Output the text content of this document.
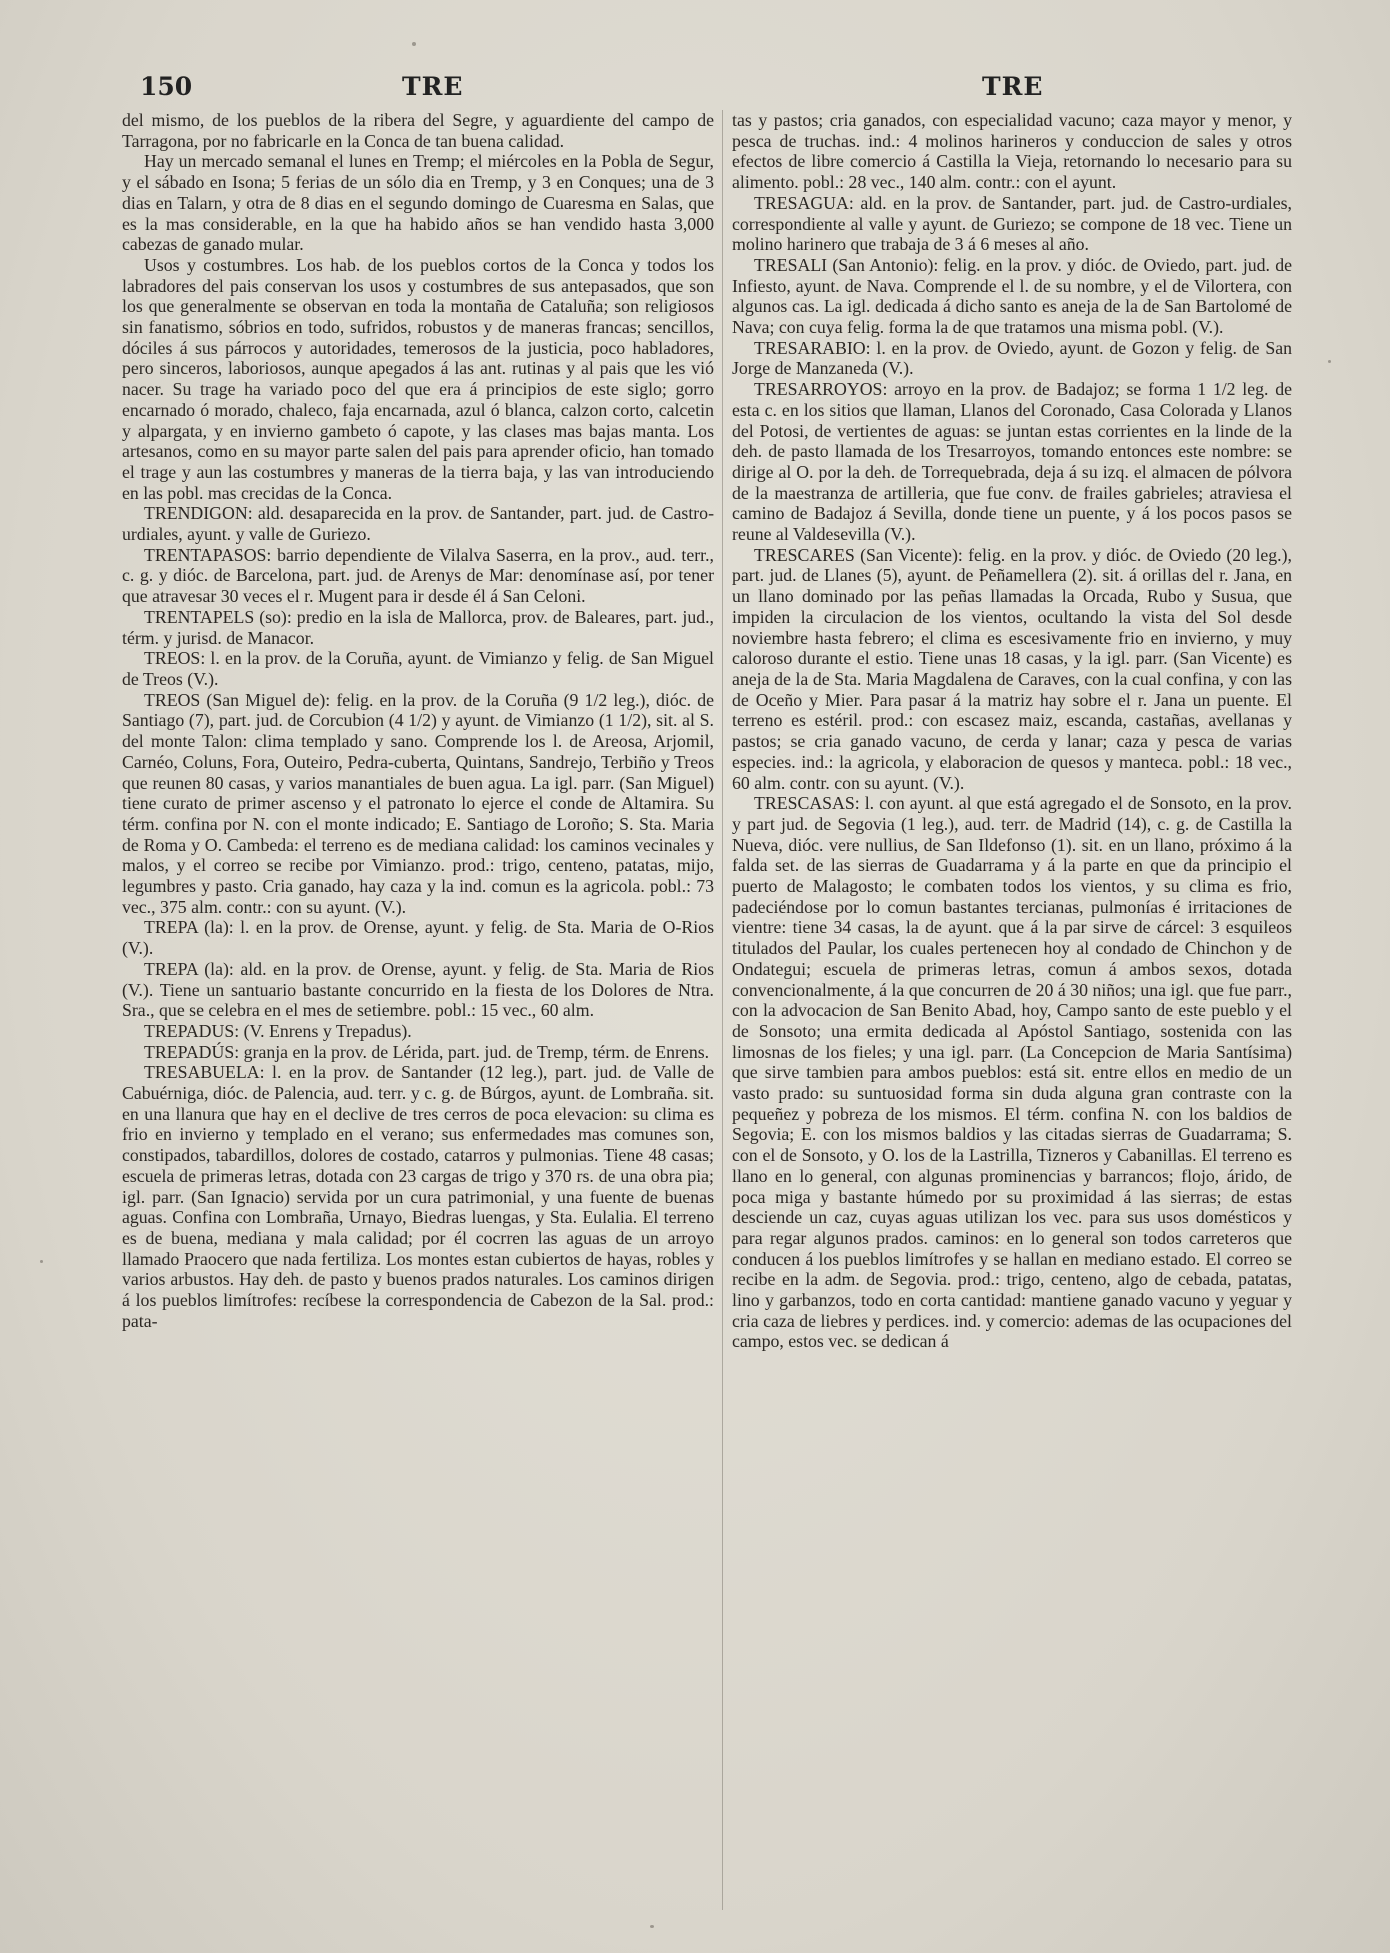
150	TRE	TRE

del mismo, de los pueblos de la ribera del Segre, y aguardiente del campo de Tarragona, por no fabricarle en la Conca de tan buena calidad.

Hay un mercado semanal el lunes en Tremp; el miércoles en la Pobla de Segur, y el sábado en Isona; 5 ferias de un sólo dia en Tremp, y 3 en Conques; una de 3 dias en Talarn, y otra de 8 dias en el segundo domingo de Cuaresma en Salas, que es la mas considerable, en la que ha habido años se han vendido hasta 3,000 cabezas de ganado mular.

Usos y costumbres. Los hab. de los pueblos cortos de la Conca y todos los labradores del pais conservan los usos y costumbres de sus antepasados, que son los que generalmente se observan en toda la montaña de Cataluña; son religiosos sin fanatismo, sóbrios en todo, sufridos, robustos y de maneras francas; sencillos, dóciles á sus párrocos y autoridades, temerosos de la justicia, poco habladores, pero sinceros, laboriosos, aunque apegados á las ant. rutinas y al pais que les vió nacer. Su trage ha variado poco del que era á principios de este siglo; gorro encarnado ó morado, chaleco, faja encarnada, azul ó blanca, calzon corto, calcetin y alpargata, y en invierno gambeto ó capote, y las clases mas bajas manta. Los artesanos, como en su mayor parte salen del pais para aprender oficio, han tomado el trage y aun las costumbres y maneras de la tierra baja, y las van introduciendo en las pobl. mas crecidas de la Conca.

TRENDIGON: ald. desaparecida en la prov. de Santander, part. jud. de Castro-urdiales, ayunt. y valle de Guriezo.

TRENTAPASOS: barrio dependiente de Vilalva Saserra, en la prov., aud. terr., c. g. y dióc. de Barcelona, part. jud. de Arenys de Mar: denomínase así, por tener que atravesar 30 veces el r. Mugent para ir desde él á San Celoni.

TRENTAPELS (so): predio en la isla de Mallorca, prov. de Baleares, part. jud., térm. y jurisd. de Manacor.

TREOS: l. en la prov. de la Coruña, ayunt. de Vimianzo y felig. de San Miguel de Treos (V.).

TREOS (San Miguel de): felig. en la prov. de la Coruña (9 1/2 leg.), dióc. de Santiago (7), part. jud. de Corcubion (4 1/2) y ayunt. de Vimianzo (1 1/2), sit. al S. del monte Talon: clima templado y sano. Comprende los l. de Areosa, Arjomil, Carnéo, Coluns, Fora, Outeiro, Pedra-cuberta, Quintans, Sandrejo, Terbiño y Treos que reunen 80 casas, y varios manantiales de buen agua. La igl. parr. (San Miguel) tiene curato de primer ascenso y el patronato lo ejerce el conde de Altamira. Su térm. confina por N. con el monte indicado; E. Santiago de Loroño; S. Sta. Maria de Roma y O. Cambeda: el terreno es de mediana calidad: los caminos vecinales y malos, y el correo se recibe por Vimianzo. prod.: trigo, centeno, patatas, mijo, legumbres y pasto. Cria ganado, hay caza y la ind. comun es la agricola. pobl.: 73 vec., 375 alm. contr.: con su ayunt. (V.).

TREPA (la): l. en la prov. de Orense, ayunt. y felig. de Sta. Maria de O-Rios (V.).

TREPA (la): ald. en la prov. de Orense, ayunt. y felig. de Sta. Maria de Rios (V.). Tiene un santuario bastante concurrido en la fiesta de los Dolores de Ntra. Sra., que se celebra en el mes de setiembre. pobl.: 15 vec., 60 alm.

TREPADUS: (V. Enrens y Trepadus).

TREPADÚS: granja en la prov. de Lérida, part. jud. de Tremp, térm. de Enrens.

TRESABUELA: l. en la prov. de Santander (12 leg.), part. jud. de Valle de Cabuérniga, dióc. de Palencia, aud. terr. y c. g. de Búrgos, ayunt. de Lombraña. sit. en una llanura que hay en el declive de tres cerros de poca elevacion: su clima es frio en invierno y templado en el verano; sus enfermedades mas comunes son, constipados, tabardillos, dolores de costado, catarros y pulmonias. Tiene 48 casas; escuela de primeras letras, dotada con 23 cargas de trigo y 370 rs. de una obra pia; igl. parr. (San Ignacio) servida por un cura patrimonial, y una fuente de buenas aguas. Confina con Lombraña, Urnayo, Biedras luengas, y Sta. Eulalia. El terreno es de buena, mediana y mala calidad; por él cocrren las aguas de un arroyo llamado Praocero que nada fertiliza. Los montes estan cubiertos de hayas, robles y varios arbustos. Hay deh. de pasto y buenos prados naturales. Los caminos dirigen á los pueblos limítrofes: recíbese la correspondencia de Cabezon de la Sal. prod.: pata-

tas y pastos; cria ganados, con especialidad vacuno; caza mayor y menor, y pesca de truchas. ind.: 4 molinos harineros y conduccion de sales y otros efectos de libre comercio á Castilla la Vieja, retornando lo necesario para su alimento. pobl.: 28 vec., 140 alm. contr.: con el ayunt.

TRESAGUA: ald. en la prov. de Santander, part. jud. de Castro-urdiales, correspondiente al valle y ayunt. de Guriezo; se compone de 18 vec. Tiene un molino harinero que trabaja de 3 á 6 meses al año.

TRESALI (San Antonio): felig. en la prov. y dióc. de Oviedo, part. jud. de Infiesto, ayunt. de Nava. Comprende el l. de su nombre, y el de Vilortera, con algunos cas. La igl. dedicada á dicho santo es aneja de la de San Bartolomé de Nava; con cuya felig. forma la de que tratamos una misma pobl. (V.).

TRESARABIO: l. en la prov. de Oviedo, ayunt. de Gozon y felig. de San Jorge de Manzaneda (V.).

TRESARROYOS: arroyo en la prov. de Badajoz; se forma 1 1/2 leg. de esta c. en los sitios que llaman, Llanos del Coronado, Casa Colorada y Llanos del Potosi, de vertientes de aguas: se juntan estas corrientes en la linde de la deh. de pasto llamada de los Tresarroyos, tomando entonces este nombre: se dirige al O. por la deh. de Torrequebrada, deja á su izq. el almacen de pólvora de la maestranza de artilleria, que fue conv. de frailes gabrieles; atraviesa el camino de Badajoz á Sevilla, donde tiene un puente, y á los pocos pasos se reune al Valdesevilla (V.).

TRESCARES (San Vicente): felig. en la prov. y dióc. de Oviedo (20 leg.), part. jud. de Llanes (5), ayunt. de Peñamellera (2). sit. á orillas del r. Jana, en un llano dominado por las peñas llamadas la Orcada, Rubo y Susua, que impiden la circulacion de los vientos, ocultando la vista del Sol desde noviembre hasta febrero; el clima es escesivamente frio en invierno, y muy caloroso durante el estio. Tiene unas 18 casas, y la igl. parr. (San Vicente) es aneja de la de Sta. Maria Magdalena de Caraves, con la cual confina, y con las de Oceño y Mier. Para pasar á la matriz hay sobre el r. Jana un puente. El terreno es estéril. prod.: con escasez maiz, escanda, castañas, avellanas y pastos; se cria ganado vacuno, de cerda y lanar; caza y pesca de varias especies. ind.: la agricola, y elaboracion de quesos y manteca. pobl.: 18 vec., 60 alm. contr. con su ayunt. (V.).

TRESCASAS: l. con ayunt. al que está agregado el de Sonsoto, en la prov. y part jud. de Segovia (1 leg.), aud. terr. de Madrid (14), c. g. de Castilla la Nueva, dióc. vere nullius, de San Ildefonso (1). sit. en un llano, próximo á la falda set. de las sierras de Guadarrama y á la parte en que da principio el puerto de Malagosto; le combaten todos los vientos, y su clima es frio, padeciéndose por lo comun bastantes tercianas, pulmonías é irritaciones de vientre: tiene 34 casas, la de ayunt. que á la par sirve de cárcel: 3 esquileos titulados del Paular, los cuales pertenecen hoy al condado de Chinchon y de Ondategui; escuela de primeras letras, comun á ambos sexos, dotada convencionalmente, á la que concurren de 20 á 30 niños; una igl. que fue parr., con la advocacion de San Benito Abad, hoy, Campo santo de este pueblo y el de Sonsoto; una ermita dedicada al Apóstol Santiago, sostenida con las limosnas de los fieles; y una igl. parr. (La Concepcion de Maria Santísima) que sirve tambien para ambos pueblos: está sit. entre ellos en medio de un vasto prado: su suntuosidad forma sin duda alguna gran contraste con la pequeñez y pobreza de los mismos. El térm. confina N. con los baldios de Segovia; E. con los mismos baldios y las citadas sierras de Guadarrama; S. con el de Sonsoto, y O. los de la Lastrilla, Tizneros y Cabanillas. El terreno es llano en lo general, con algunas prominencias y barrancos; flojo, árido, de poca miga y bastante húmedo por su proximidad á las sierras; de estas desciende un caz, cuyas aguas utilizan los vec. para sus usos domésticos y para regar algunos prados. caminos: en lo general son todos carreteros que conducen á los pueblos limítrofes y se hallan en mediano estado. El correo se recibe en la adm. de Segovia. prod.: trigo, centeno, algo de cebada, patatas, lino y garbanzos, todo en corta cantidad: mantiene ganado vacuno y yeguar y cria caza de liebres y perdices. ind. y comercio: ademas de las ocupaciones del campo, estos vec. se dedican á
